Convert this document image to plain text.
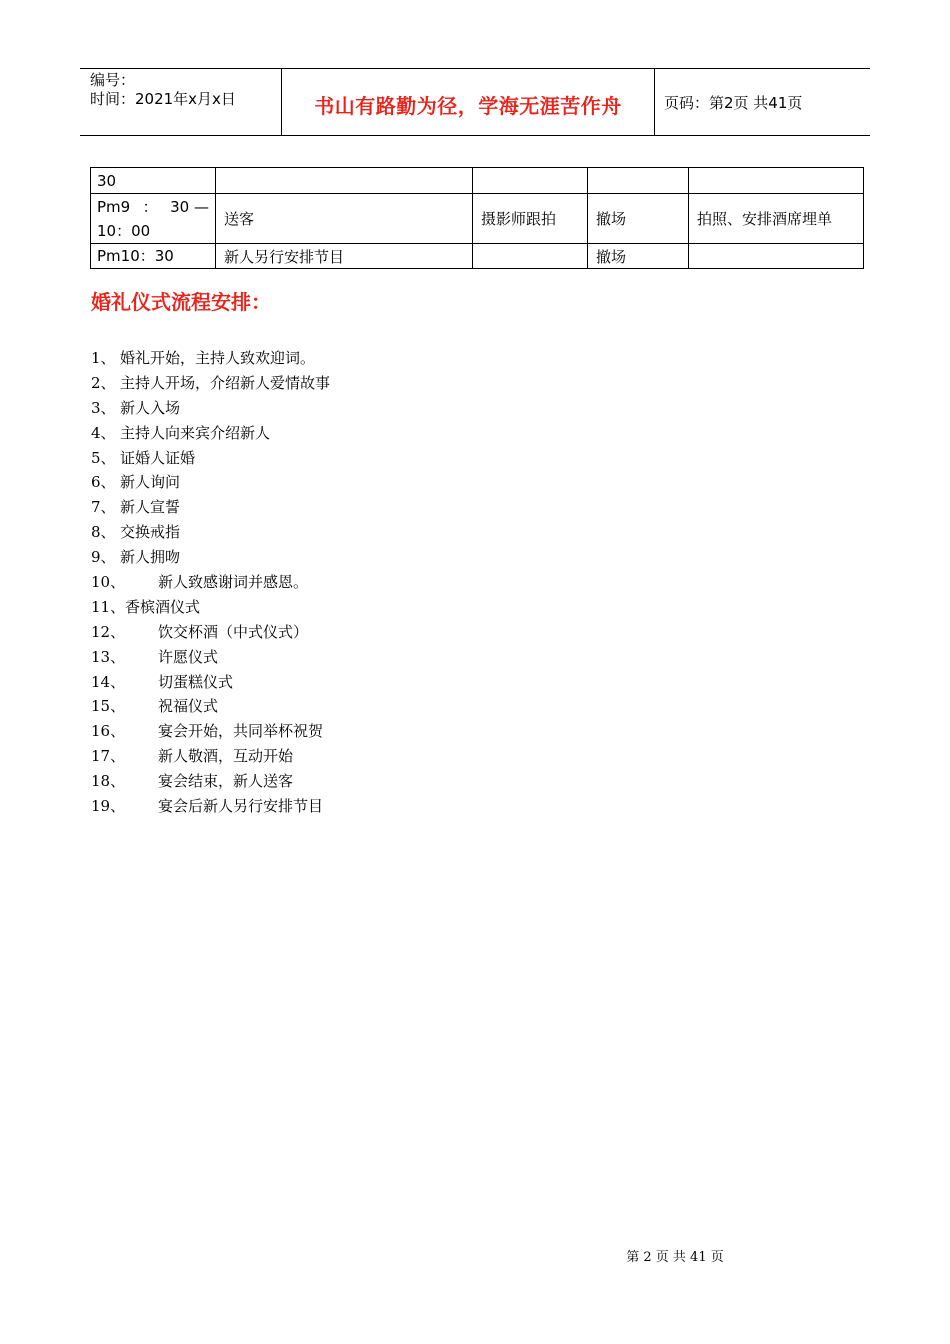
编号：
时间：2021年x月x日	书山有路勤为径，学海无涯苦作舟	页码：第2页 共41页
30				

Pm9 ： 30 —
10：00	送客	摄影师跟拍	撤场	拍照、安排酒席埋单
Pm10：30	新人另行安排节目		撤场	
婚礼仪式流程安排：
1、 婚礼开始，主持人致欢迎词。
2、 主持人开场，介绍新人爱情故事
3、 新人入场
4、 主持人向来宾介绍新人
5、 证婚人证婚
6、 新人询问
7、 新人宣誓
8、 交换戒指
9、 新人拥吻
10、 新人致感谢词并感恩。
11、 香槟酒仪式
12、 饮交杯酒（中式仪式）
13、 许愿仪式
14、 切蛋糕仪式
15、 祝福仪式
16、 宴会开始，共同举杯祝贺
17、 新人敬酒，互动开始
18、 宴会结束，新人送客
19、 宴会后新人另行安排节目
第 2 页 共 41 页
